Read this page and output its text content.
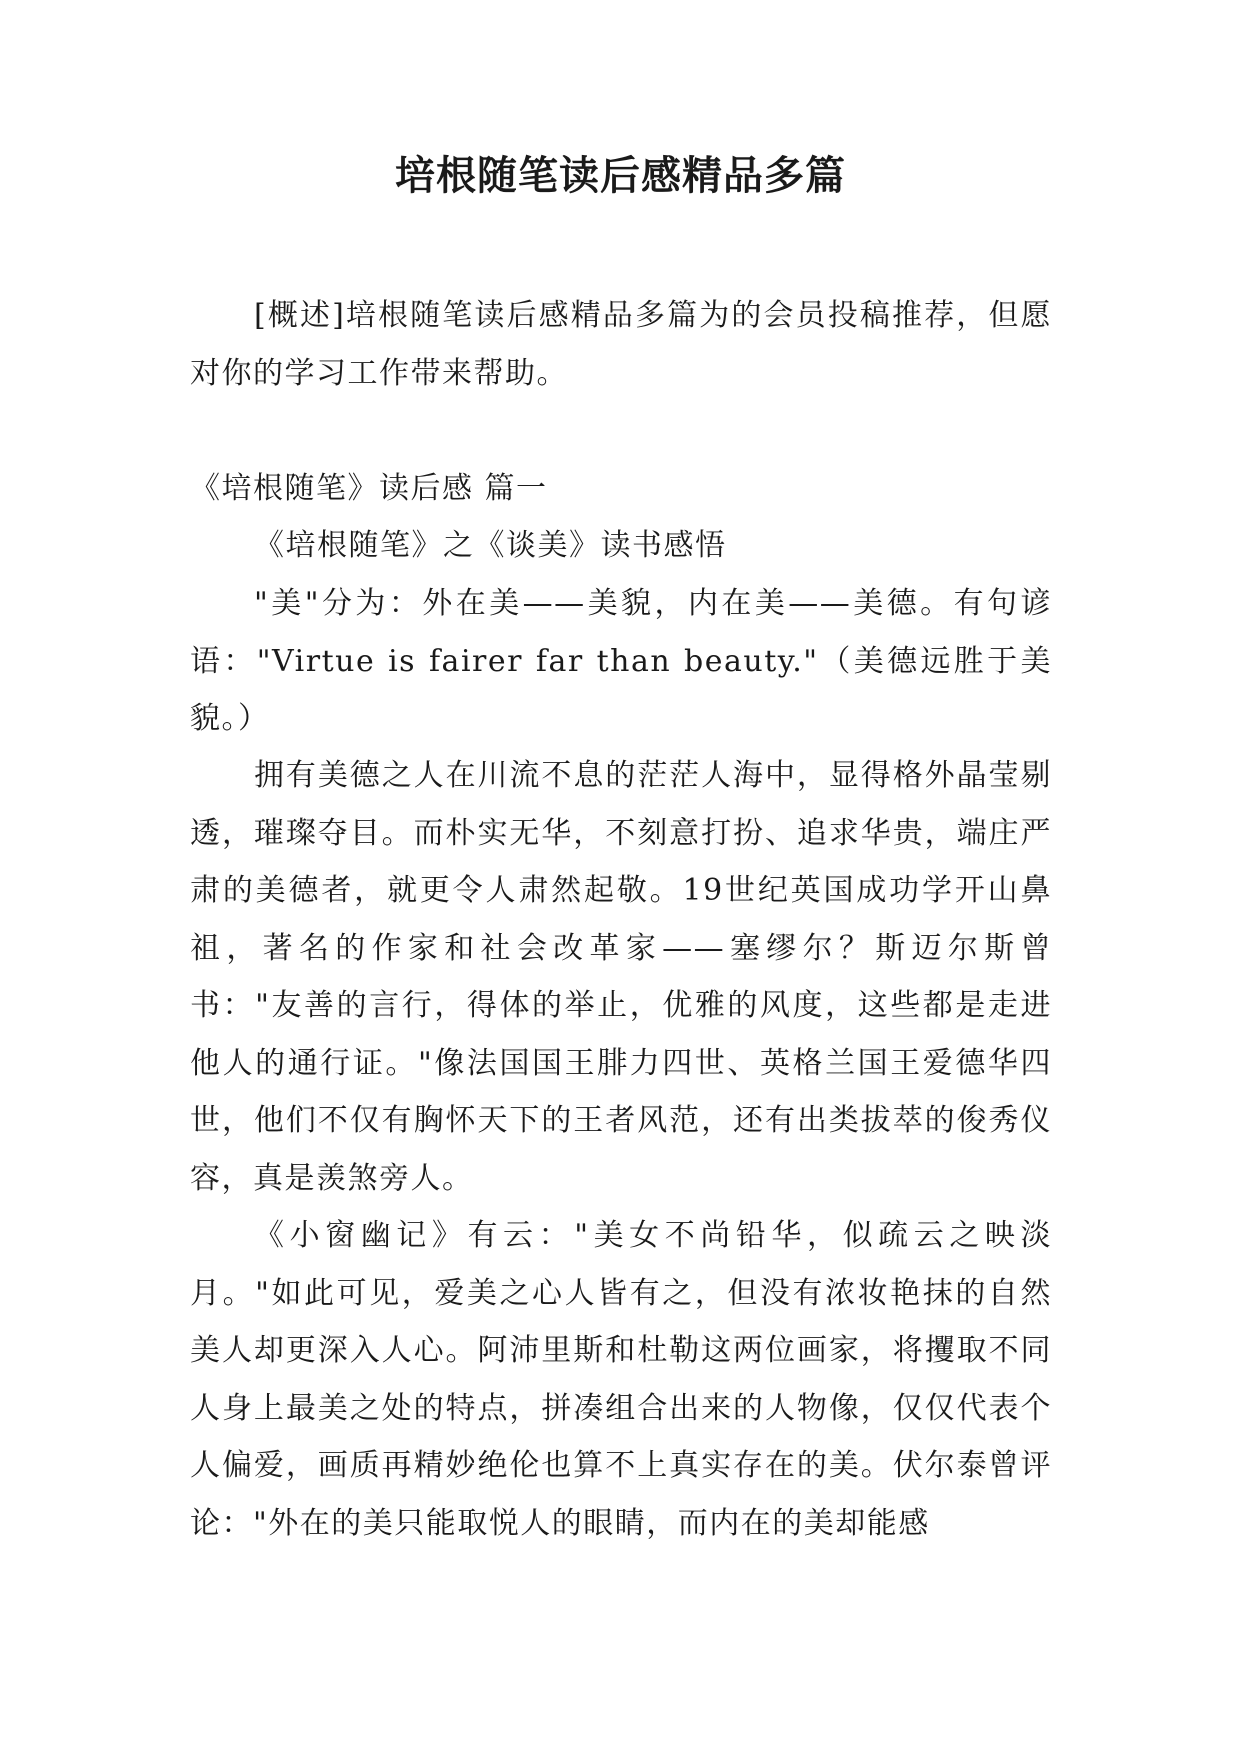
培根随笔读后感精品多篇

[概述]培根随笔读后感精品多篇为的会员投稿推荐，但愿对你的学习工作带来帮助。

《培根随笔》读后感 篇一

《培根随笔》之《谈美》读书感悟

"美"分为：外在美——美貌，内在美——美德。有句谚语："Virtue is fairer far than beauty."（美德远胜于美貌。）

拥有美德之人在川流不息的茫茫人海中，显得格外晶莹剔透，璀璨夺目。而朴实无华，不刻意打扮、追求华贵，端庄严肃的美德者，就更令人肃然起敬。19世纪英国成功学开山鼻祖，著名的作家和社会改革家——塞缪尔？斯迈尔斯曾书："友善的言行，得体的举止，优雅的风度，这些都是走进他人的通行证。"像法国国王腓力四世、英格兰国王爱德华四世，他们不仅有胸怀天下的王者风范，还有出类拔萃的俊秀仪容，真是羡煞旁人。

《小窗幽记》有云："美女不尚铅华，似疏云之映淡月。"如此可见，爱美之心人皆有之，但没有浓妆艳抹的自然美人却更深入人心。阿沛里斯和杜勒这两位画家，将攫取不同人身上最美之处的特点，拼凑组合出来的人物像，仅仅代表个人偏爱，画质再精妙绝伦也算不上真实存在的美。伏尔泰曾评论："外在的美只能取悦人的眼睛，而内在的美却能感
